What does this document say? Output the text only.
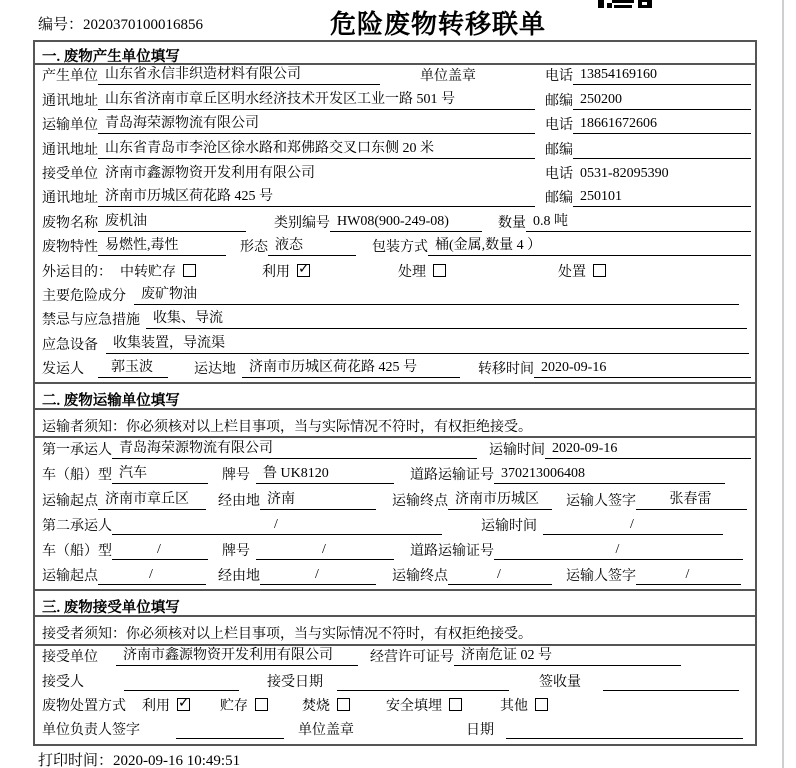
编号：2020370100016856	危险废物转移联单
一. 废物产生单位填写
产生单位 山东省永信非织造材料有限公司	单位盖章	电话 13854169160
通讯地址 山东省济南市章丘区明水经济技术开发区工业一路 501 号	邮编 250200
运输单位 青岛海荣源物流有限公司	电话 18661672606
通讯地址 山东省青岛市李沧区徐水路和郑佛路交叉口东侧 20 米	邮编
接受单位 济南市鑫源物资开发利用有限公司	电话 0531-82095390
通讯地址 济南市历城区荷花路 425 号	邮编 250101
废物名称 废机油	类别编号 HW08(900-249-08)	数量 0.8 吨
废物特性 易燃性,毒性	形态 液态	包装方式 桶(金属,数量 4 ）
外运目的： 中转贮存	利用 ✓	处理	处置
主要危险成分	废矿物油
禁忌与应急措施 收集、导流
应急设备	收集装置，导流渠
发运人	郭玉波	运达地 济南市历城区荷花路 425 号	转移时间 2020-09-16
二. 废物运输单位填写
运输者须知：你必须核对以上栏目事项，当与实际情况不符时，有权拒绝接受。
第一承运人 青岛海荣源物流有限公司	运输时间 2020-09-16
车（船）型 汽车	牌号 鲁 UK8120	道路运输证号 370213006408
运输起点 济南市章丘区	经由地 济南	运输终点 济南市历城区	运输人签字	张春雷
第二承运人	/	运输时间	/
车（船）型	/	牌号	/	道路运输证号	/
运输起点	/	经由地	/	运输终点	/	运输人签字	/
三. 废物接受单位填写
接受者须知：你必须核对以上栏目事项，当与实际情况不符时，有权拒绝接受。
接受单位	济南市鑫源物资开发利用有限公司	经营许可证号 济南危证 02 号
接受人	接受日期	签收量
废物处置方式 利用 ✓	贮存	焚烧	安全填埋	其他
单位负责人签字	单位盖章	日期
打印时间：2020-09-16 10:49:51
